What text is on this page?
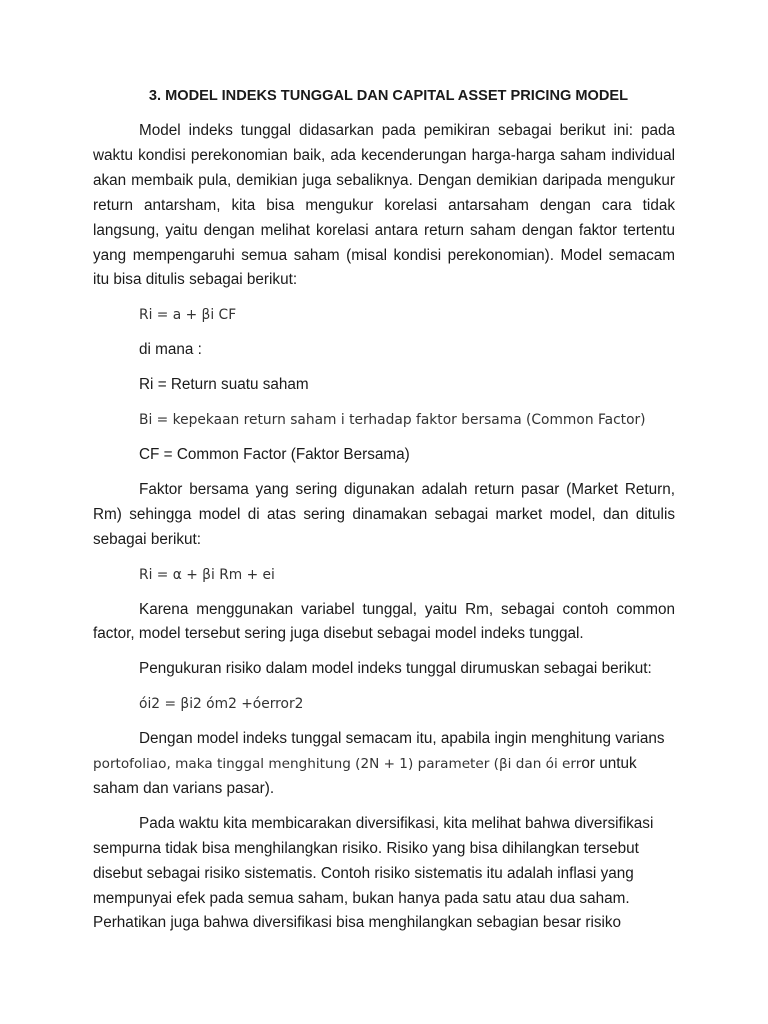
3. MODEL INDEKS TUNGGAL DAN CAPITAL ASSET PRICING MODEL

Model indeks tunggal didasarkan pada pemikiran sebagai berikut ini: pada waktu kondisi perekonomian baik, ada kecenderungan harga-harga saham individual akan membaik pula, demikian juga sebaliknya. Dengan demikian daripada mengukur return antarsham, kita bisa mengukur korelasi antarsaham dengan cara tidak langsung, yaitu dengan melihat korelasi antara return saham dengan faktor tertentu yang mempengaruhi semua saham (misal kondisi perekonomian). Model semacam itu bisa ditulis sebagai berikut:

Ri = a + βi CF
di mana :
Ri = Return suatu saham
Bi = kepekaan return saham i terhadap faktor bersama (Common Factor)
CF = Common Factor (Faktor Bersama)

Faktor bersama yang sering digunakan adalah return pasar (Market Return, Rm) sehingga model di atas sering dinamakan sebagai market model, dan ditulis sebagai berikut:

Ri = α + βi Rm + ei

Karena menggunakan variabel tunggal, yaitu Rm, sebagai contoh common factor, model tersebut sering juga disebut sebagai model indeks tunggal.

Pengukuran risiko dalam model indeks tunggal dirumuskan sebagai berikut:

όi2 = βi2 όm2 +όerror2

Dengan model indeks tunggal semacam itu, apabila ingin menghitung varians
portofoliao, maka tinggal menghitung (2N + 1) parameter (βi dan όi error untuk
saham dan varians pasar).

Pada waktu kita membicarakan diversifikasi, kita melihat bahwa diversifikasi sempurna tidak bisa menghilangkan risiko. Risiko yang bisa dihilangkan tersebut disebut sebagai risiko sistematis. Contoh risiko sistematis itu adalah inflasi yang mempunyai efek pada semua saham, bukan hanya pada satu atau dua saham. Perhatikan juga bahwa diversifikasi bisa menghilangkan sebagian besar risiko
